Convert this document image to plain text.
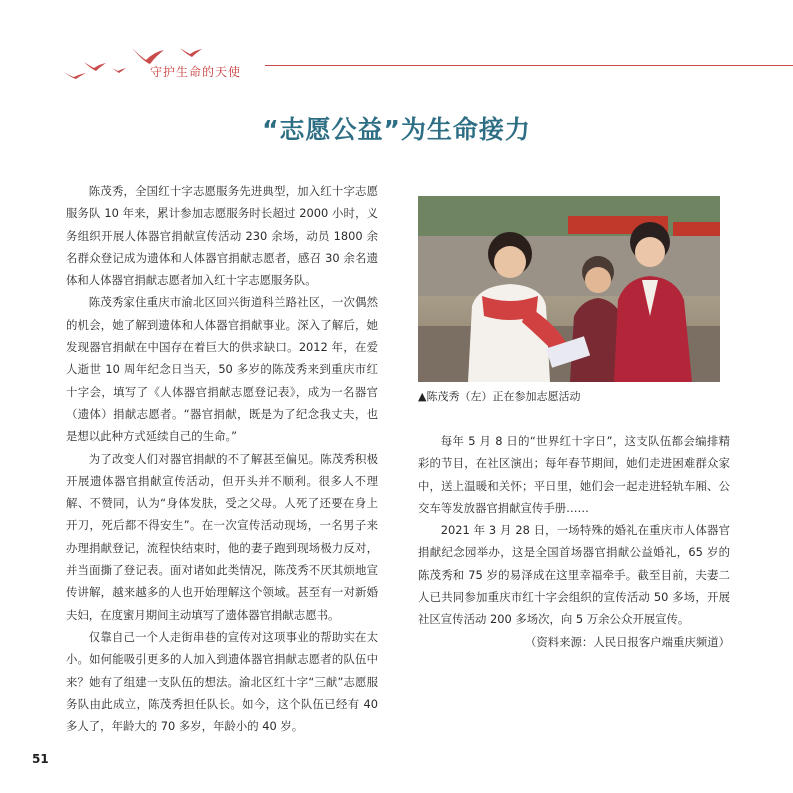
守护生命的天使
“志愿公益”为生命接力

陈茂秀，全国红十字志愿服务先进典型，加入红十字志愿服务队 10 年来，累计参加志愿服务时长超过 2000 小时，义务组织开展人体器官捐献宣传活动 230 余场，动员 1800 余名群众登记成为遗体和人体器官捐献志愿者，感召 30 余名遗体和人体器官捐献志愿者加入红十字志愿服务队。

陈茂秀家住重庆市渝北区回兴街道科兰路社区，一次偶然的机会，她了解到遗体和人体器官捐献事业。深入了解后，她发现器官捐献在中国存在着巨大的供求缺口。2012 年，在爱人逝世 10 周年纪念日当天，50 多岁的陈茂秀来到重庆市红十字会，填写了《人体器官捐献志愿登记表》，成为一名器官（遗体）捐献志愿者。“器官捐献，既是为了纪念我丈夫，也是想以此种方式延续自己的生命。”

为了改变人们对器官捐献的不了解甚至偏见。陈茂秀积极开展遗体器官捐献宣传活动，但开头并不顺利。很多人不理解、不赞同，认为“身体发肤，受之父母。人死了还要在身上开刀，死后都不得安生”。在一次宣传活动现场，一名男子来办理捐献登记，流程快结束时，他的妻子跑到现场极力反对，并当面撕了登记表。面对诸如此类情况，陈茂秀不厌其烦地宣传讲解，越来越多的人也开始理解这个领域。甚至有一对新婚夫妇，在度蜜月期间主动填写了遗体器官捐献志愿书。

仅靠自己一个人走街串巷的宣传对这项事业的帮助实在太小。如何能吸引更多的人加入到遗体器官捐献志愿者的队伍中来？她有了组建一支队伍的想法。渝北区红十字“三献”志愿服务队由此成立，陈茂秀担任队长。如今，这个队伍已经有 40 多人了，年龄大的 70 多岁，年龄小的 40 岁。

▲陈茂秀（左）正在参加志愿活动

每年 5 月 8 日的“世界红十字日”，这支队伍都会编排精彩的节目，在社区演出；每年春节期间，她们走进困难群众家中，送上温暖和关怀；平日里，她们会一起走进轻轨车厢、公交车等发放器官捐献宣传手册……

2021 年 3 月 28 日，一场特殊的婚礼在重庆市人体器官捐献纪念园举办，这是全国首场器官捐献公益婚礼，65 岁的陈茂秀和 75 岁的易泽成在这里幸福牵手。截至目前，夫妻二人已共同参加重庆市红十字会组织的宣传活动 50 多场，开展社区宣传活动 200 多场次，向 5 万余公众开展宣传。

（资料来源：人民日报客户端重庆频道）

51
